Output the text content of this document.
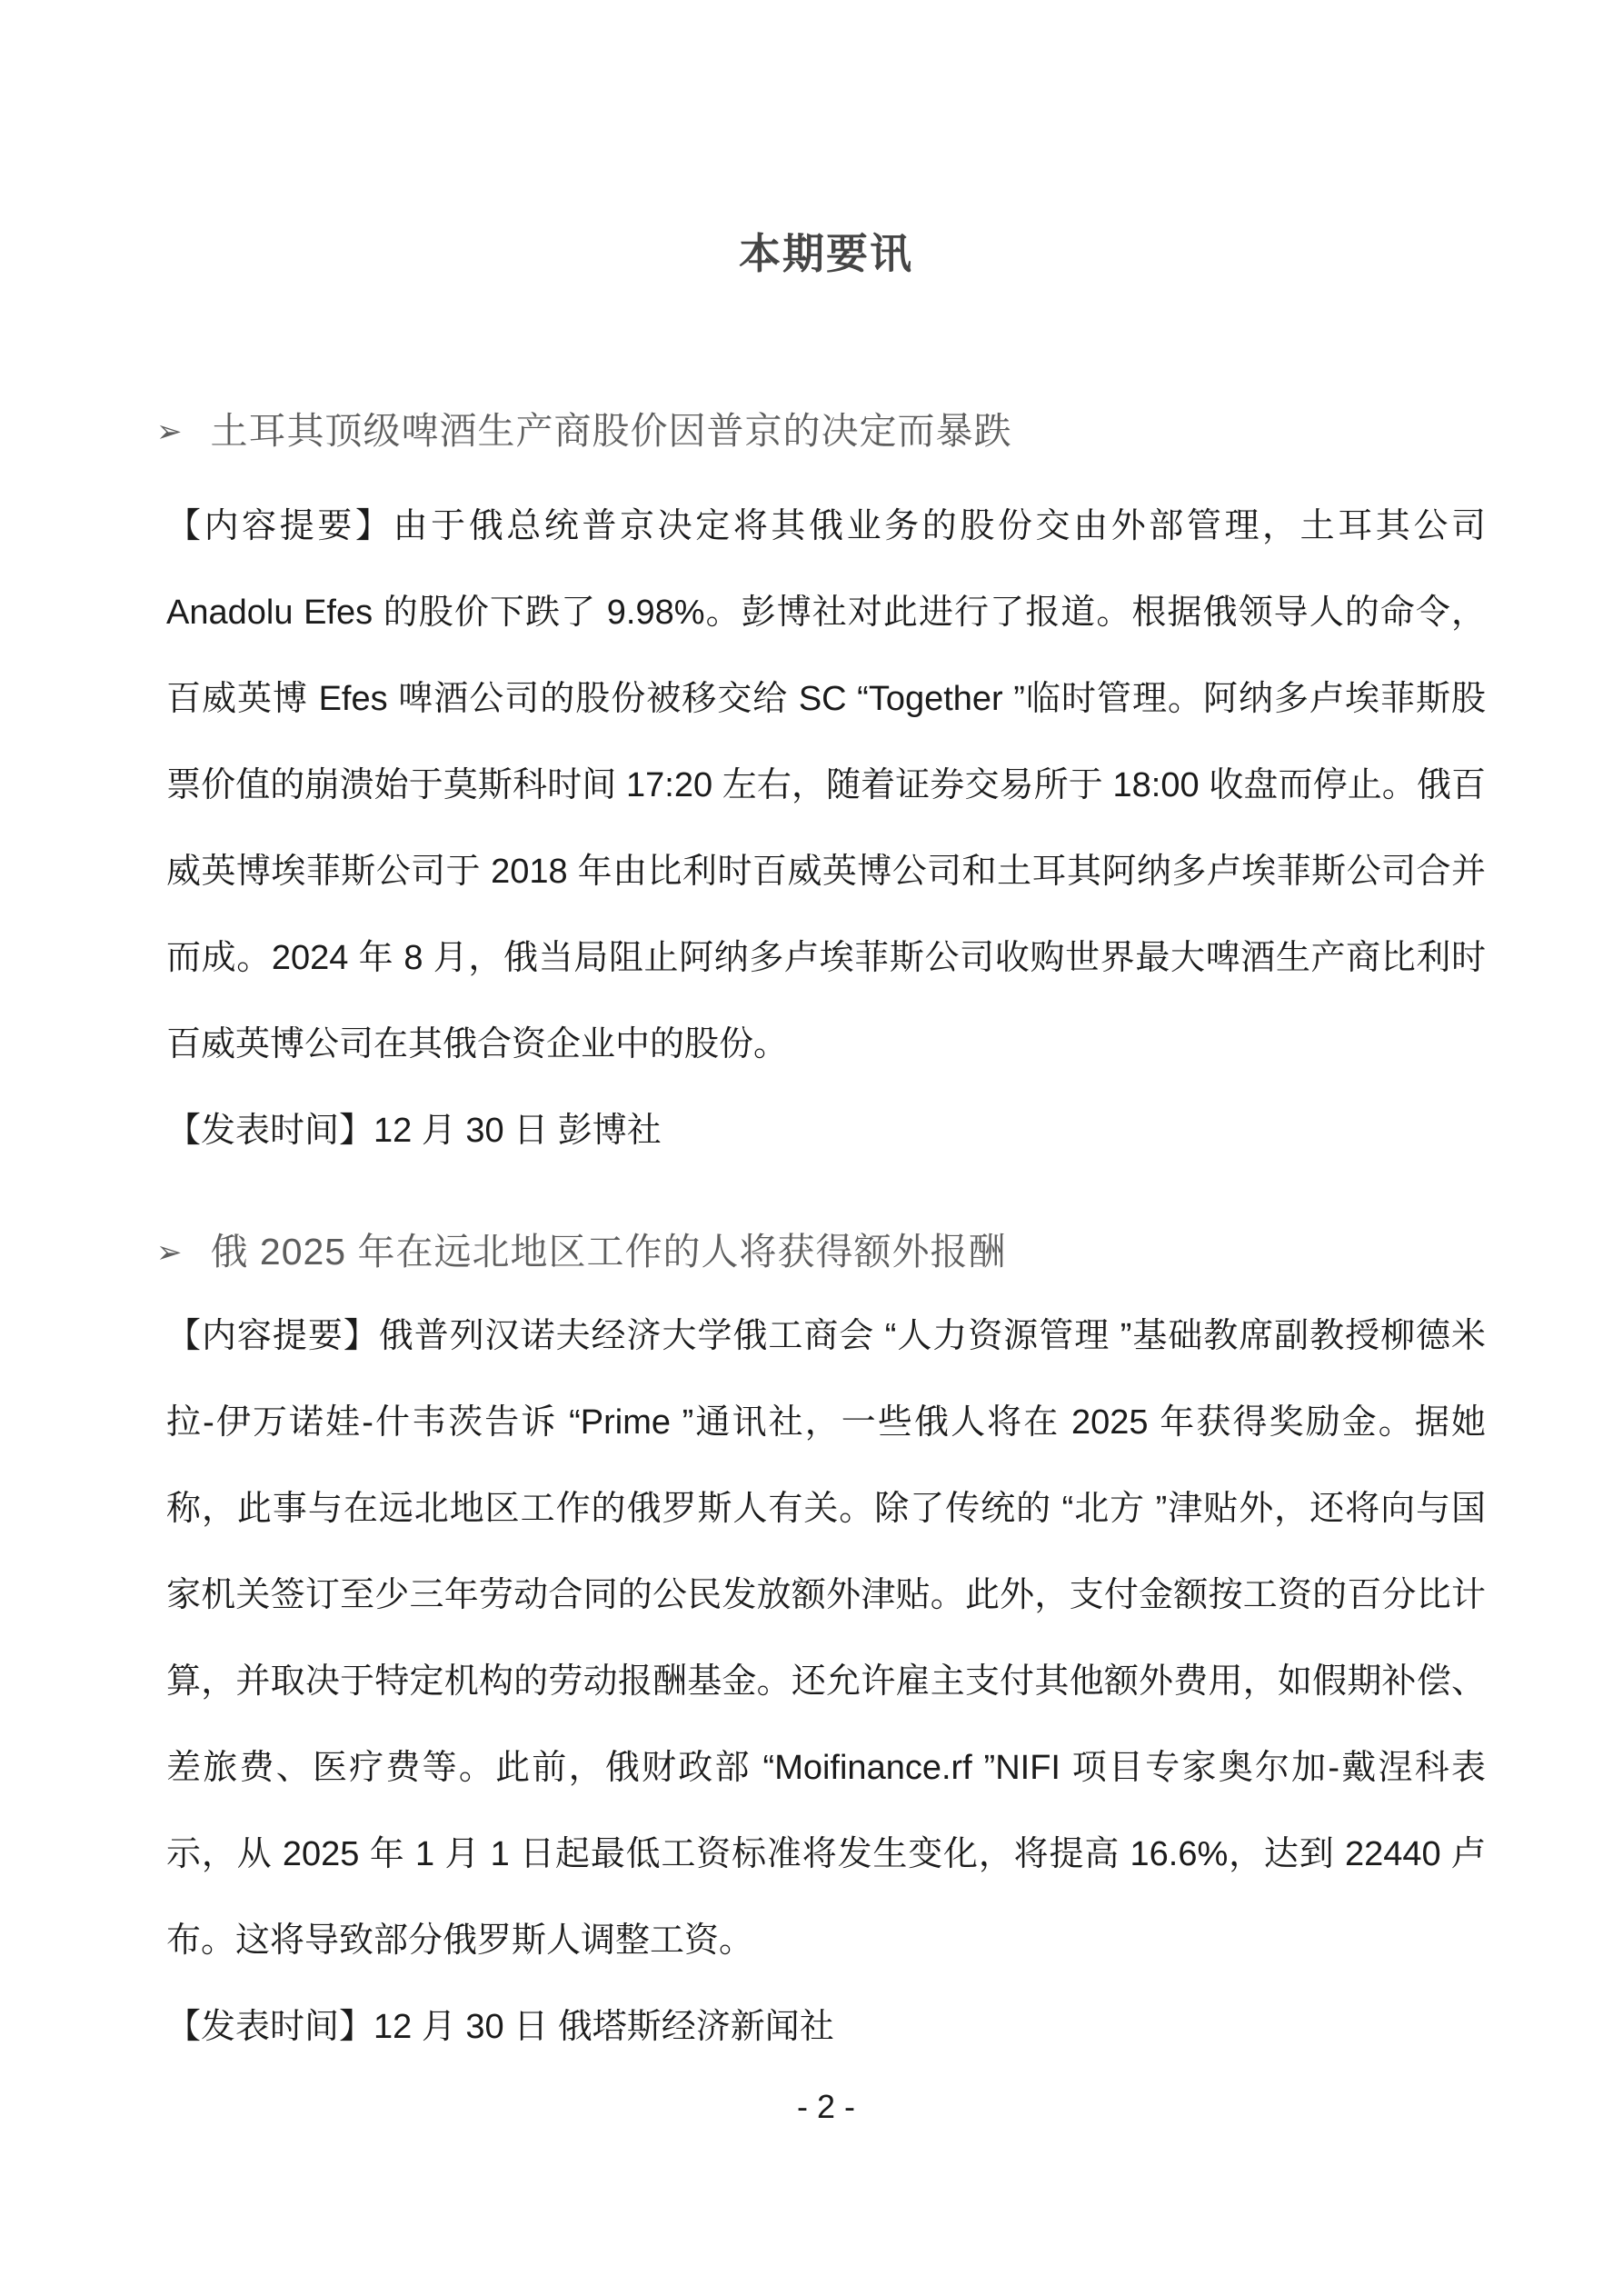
本期要讯
➢ 土耳其顶级啤酒生产商股价因普京的决定而暴跌

【内容提要】由于俄总统普京决定将其俄业务的股份交由外部管理，土耳其公司 Anadolu Efes 的股价下跌了 9.98%。彭博社对此进行了报道。根据俄领导人的命令，百威英博 Efes 啤酒公司的股份被移交给 SC “Together ”临时管理。阿纳多卢埃菲斯股票价值的崩溃始于莫斯科时间 17:20 左右，随着证券交易所于 18:00 收盘而停止。俄百威英博埃菲斯公司于 2018 年由比利时百威英博公司和土耳其阿纳多卢埃菲斯公司合并而成。2024 年 8 月，俄当局阻止阿纳多卢埃菲斯公司收购世界最大啤酒生产商比利时百威英博公司在其俄合资企业中的股份。

【发表时间】12 月 30 日 彭博社

➢ 俄 2025 年在远北地区工作的人将获得额外报酬

【内容提要】俄普列汉诺夫经济大学俄工商会 “人力资源管理 ”基础教席副教授柳德米拉-伊万诺娃-什韦茨告诉 “Prime ”通讯社，一些俄人将在 2025 年获得奖励金。据她称，此事与在远北地区工作的俄罗斯人有关。除了传统的 “北方 ”津贴外，还将向与国家机关签订至少三年劳动合同的公民发放额外津贴。此外，支付金额按工资的百分比计算，并取决于特定机构的劳动报酬基金。还允许雇主支付其他额外费用，如假期补偿、差旅费、医疗费等。此前，俄财政部 “Moifinance.rf ”NIFI 项目专家奥尔加-戴涅科表示，从 2025 年 1 月 1 日起最低工资标准将发生变化，将提高 16.6%，达到 22440 卢布。这将导致部分俄罗斯人调整工资。

【发表时间】12 月 30 日 俄塔斯经济新闻社

- 2 -
